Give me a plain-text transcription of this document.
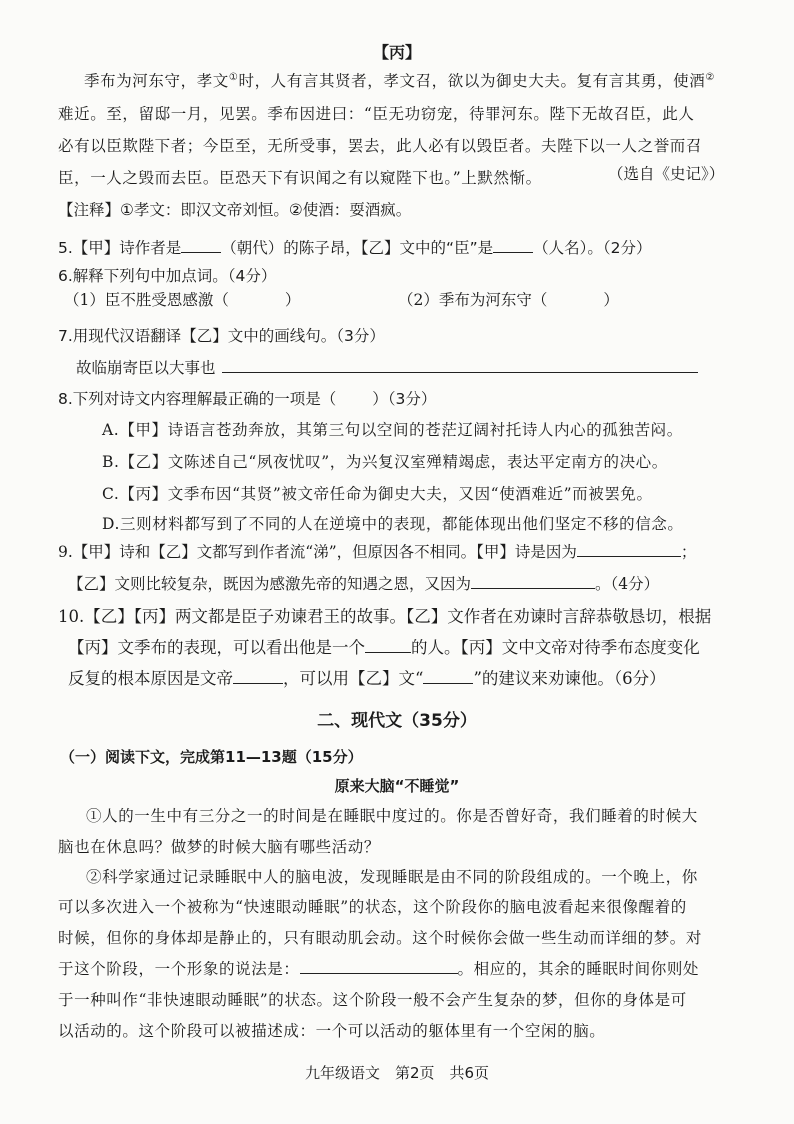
【丙】
季布为河东守，孝文①时，人有言其贤者，孝文召，欲以为御史大夫。复有言其勇，使酒②
难近。至，留邸一月，见罢。季布因进曰：“臣无功窃宠，待罪河东。陛下无故召臣，此人
必有以臣欺陛下者；今臣至，无所受事，罢去，此人必有以毁臣者。夫陛下以一人之誉而召
臣，一人之毁而去臣。臣恐天下有识闻之有以窥陛下也。”上默然惭。	（选自《史记》）
【注释】①孝文：即汉文帝刘恒。②使酒：耍酒疯。
5.【甲】诗作者是	（朝代）的陈子昂，【乙】文中的“臣”是	（人名）。（2分）
6.解释下列句中加点词。（4分）
（1）臣不胜受恩感激（	）	（2）季布为河东守（	）
7.用现代汉语翻译【乙】文中的画线句。（3分）
故临崩寄臣以大事也
8.下列对诗文内容理解最正确的一项是（ ）（3分）
A.【甲】诗语言苍劲奔放，其第三句以空间的苍茫辽阔衬托诗人内心的孤独苦闷。
B.【乙】文陈述自己“夙夜忧叹”，为兴复汉室殚精竭虑，表达平定南方的决心。
C.【丙】文季布因“其贤”被文帝任命为御史大夫，又因“使酒难近”而被罢免。
D.三则材料都写到了不同的人在逆境中的表现，都能体现出他们坚定不移的信念。
9.【甲】诗和【乙】文都写到作者流“涕”，但原因各不相同。【甲】诗是因为	；
【乙】文则比较复杂，既因为感激先帝的知遇之恩，又因为	。（4分）
10.【乙】【丙】两文都是臣子劝谏君王的故事。【乙】文作者在劝谏时言辞恭敬恳切，根据
【丙】文季布的表现，可以看出他是一个	的人。【丙】文中文帝对待季布态度变化
反复的根本原因是文帝	，可以用【乙】文“	”的建议来劝谏他。（6分）
二、现代文（35分）
（一）阅读下文，完成第11—13题（15分）
原来大脑“不睡觉”
①人的一生中有三分之一的时间是在睡眠中度过的。你是否曾好奇，我们睡着的时候大
脑也在休息吗？做梦的时候大脑有哪些活动？
②科学家通过记录睡眠中人的脑电波，发现睡眠是由不同的阶段组成的。一个晚上，你
可以多次进入一个被称为“快速眼动睡眠”的状态，这个阶段你的脑电波看起来很像醒着的
时候，但你的身体却是静止的，只有眼动肌会动。这个时候你会做一些生动而详细的梦。对
于这个阶段，一个形象的说法是：	。相应的，其余的睡眠时间你则处
于一种叫作“非快速眼动睡眠”的状态。这个阶段一般不会产生复杂的梦，但你的身体是可
以活动的。这个阶段可以被描述成：一个可以活动的躯体里有一个空闲的脑。
九年级语文　第2页　共6页
